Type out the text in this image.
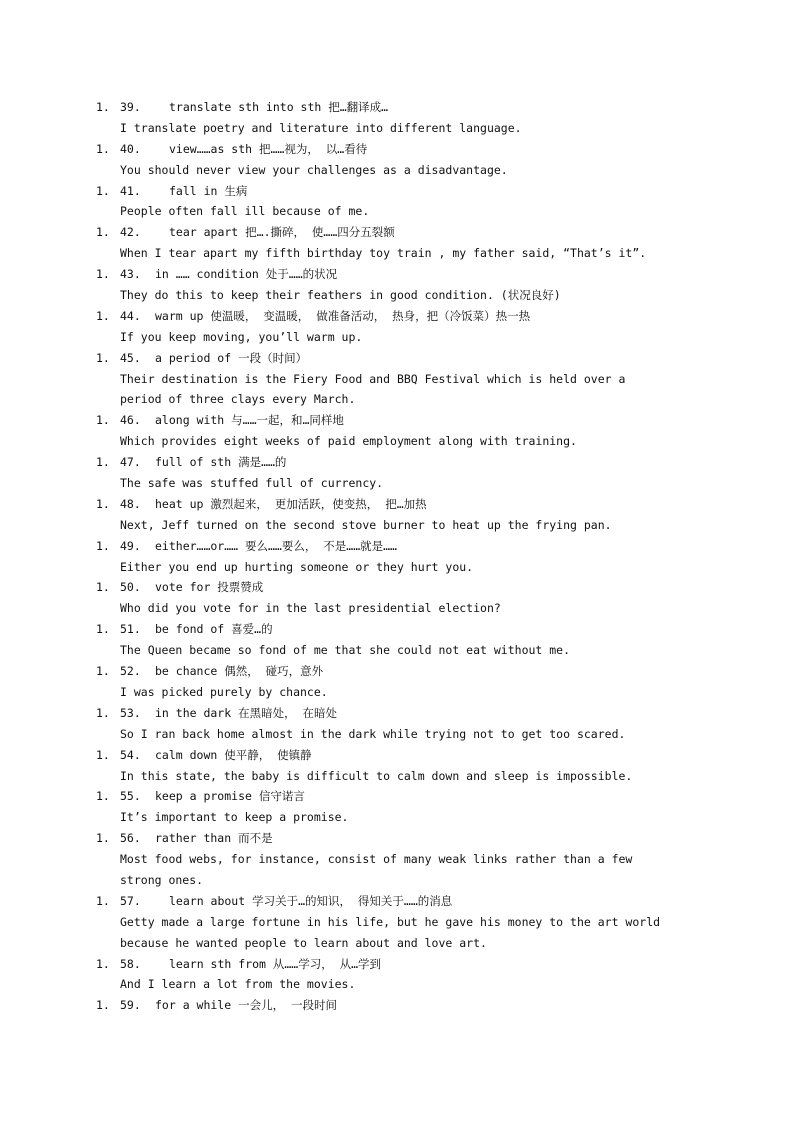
1. 39. translate sth into sth 把…翻译成…
I translate poetry and literature into different language.
1. 40. view……as sth 把……视为， 以…看待
You should never view your challenges as a disadvantage.
1. 41. fall in 生病
People often fall ill because of me.
1. 42. tear apart 把….撕碎， 使……四分五裂额
When I tear apart my fifth birthday toy train , my father said, “That’s it”.
1. 43. in …… condition 处于……的状况
They do this to keep their feathers in good condition. (状况良好)
1. 44. warm up 使温暖， 变温暖， 做准备活动， 热身，把（冷饭菜）热一热
If you keep moving, you’ll warm up.
1. 45. a period of 一段（时间）
Their destination is the Fiery Food and BBQ Festival which is held over a
period of three clays every March.
1. 46. along with 与……一起，和…同样地
Which provides eight weeks of paid employment along with training.
1. 47. full of sth 满是……的
The safe was stuffed full of currency.
1. 48. heat up 激烈起来， 更加活跃，使变热， 把…加热
Next, Jeff turned on the second stove burner to heat up the frying pan.
1. 49. either……or…… 要么……要么， 不是……就是……
Either you end up hurting someone or they hurt you.
1. 50. vote for 投票赞成
Who did you vote for in the last presidential election?
1. 51. be fond of 喜爱…的
The Queen became so fond of me that she could not eat without me.
1. 52. be chance 偶然， 碰巧，意外
I was picked purely by chance.
1. 53. in the dark 在黑暗处， 在暗处
So I ran back home almost in the dark while trying not to get too scared.
1. 54. calm down 使平静， 使镇静
In this state, the baby is difficult to calm down and sleep is impossible.
1. 55. keep a promise 信守诺言
It’s important to keep a promise.
1. 56. rather than 而不是
Most food webs, for instance, consist of many weak links rather than a few
strong ones.
1. 57. learn about 学习关于…的知识， 得知关于……的消息
Getty made a large fortune in his life, but he gave his money to the art world
because he wanted people to learn about and love art.
1. 58. learn sth from 从……学习， 从…学到
And I learn a lot from the movies.
1. 59. for a while 一会儿， 一段时间
